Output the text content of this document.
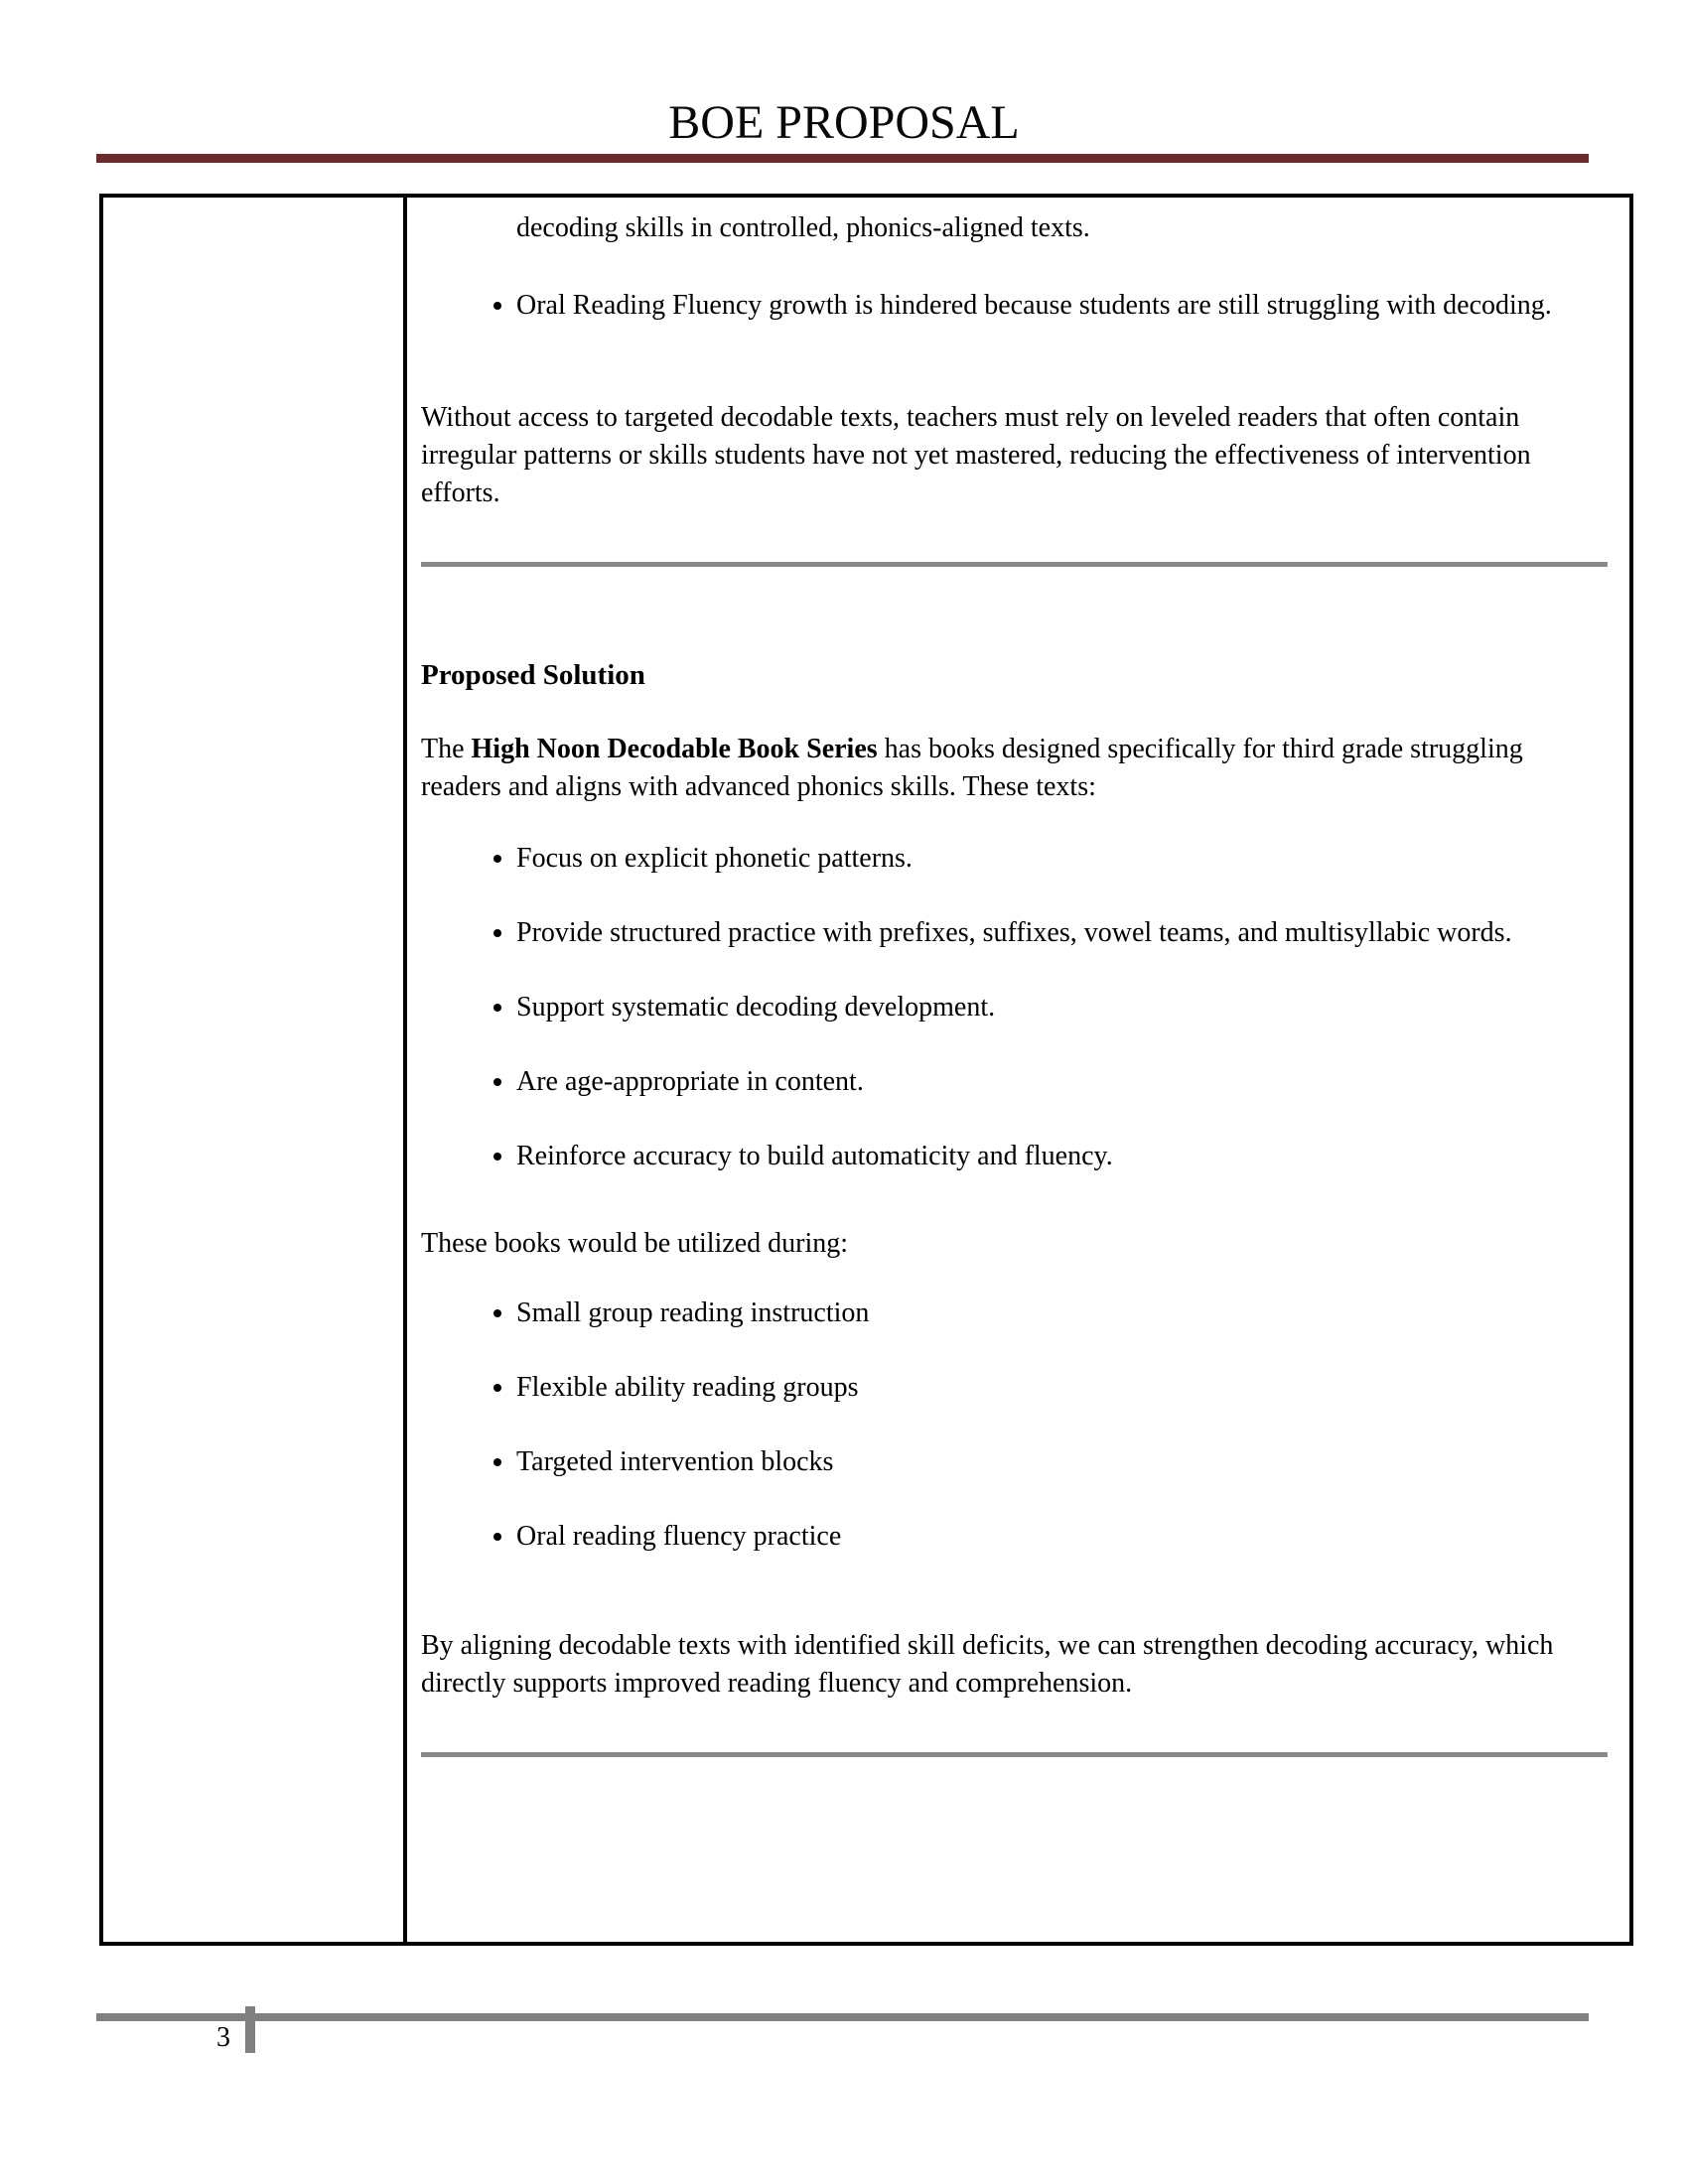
BOE PROPOSAL
decoding skills in controlled, phonics-aligned texts.
• Oral Reading Fluency growth is hindered because students are still struggling with decoding.

Without access to targeted decodable texts, teachers must rely on leveled readers that often contain irregular patterns or skills students have not yet mastered, reducing the effectiveness of intervention efforts.

Proposed Solution

The High Noon Decodable Book Series has books designed specifically for third grade struggling readers and aligns with advanced phonics skills. These texts:

• Focus on explicit phonetic patterns.
• Provide structured practice with prefixes, suffixes, vowel teams, and multisyllabic words.
• Support systematic decoding development.
• Are age-appropriate in content.
• Reinforce accuracy to build automaticity and fluency.

These books would be utilized during:

• Small group reading instruction
• Flexible ability reading groups
• Targeted intervention blocks
• Oral reading fluency practice

By aligning decodable texts with identified skill deficits, we can strengthen decoding accuracy, which directly supports improved reading fluency and comprehension.

3
